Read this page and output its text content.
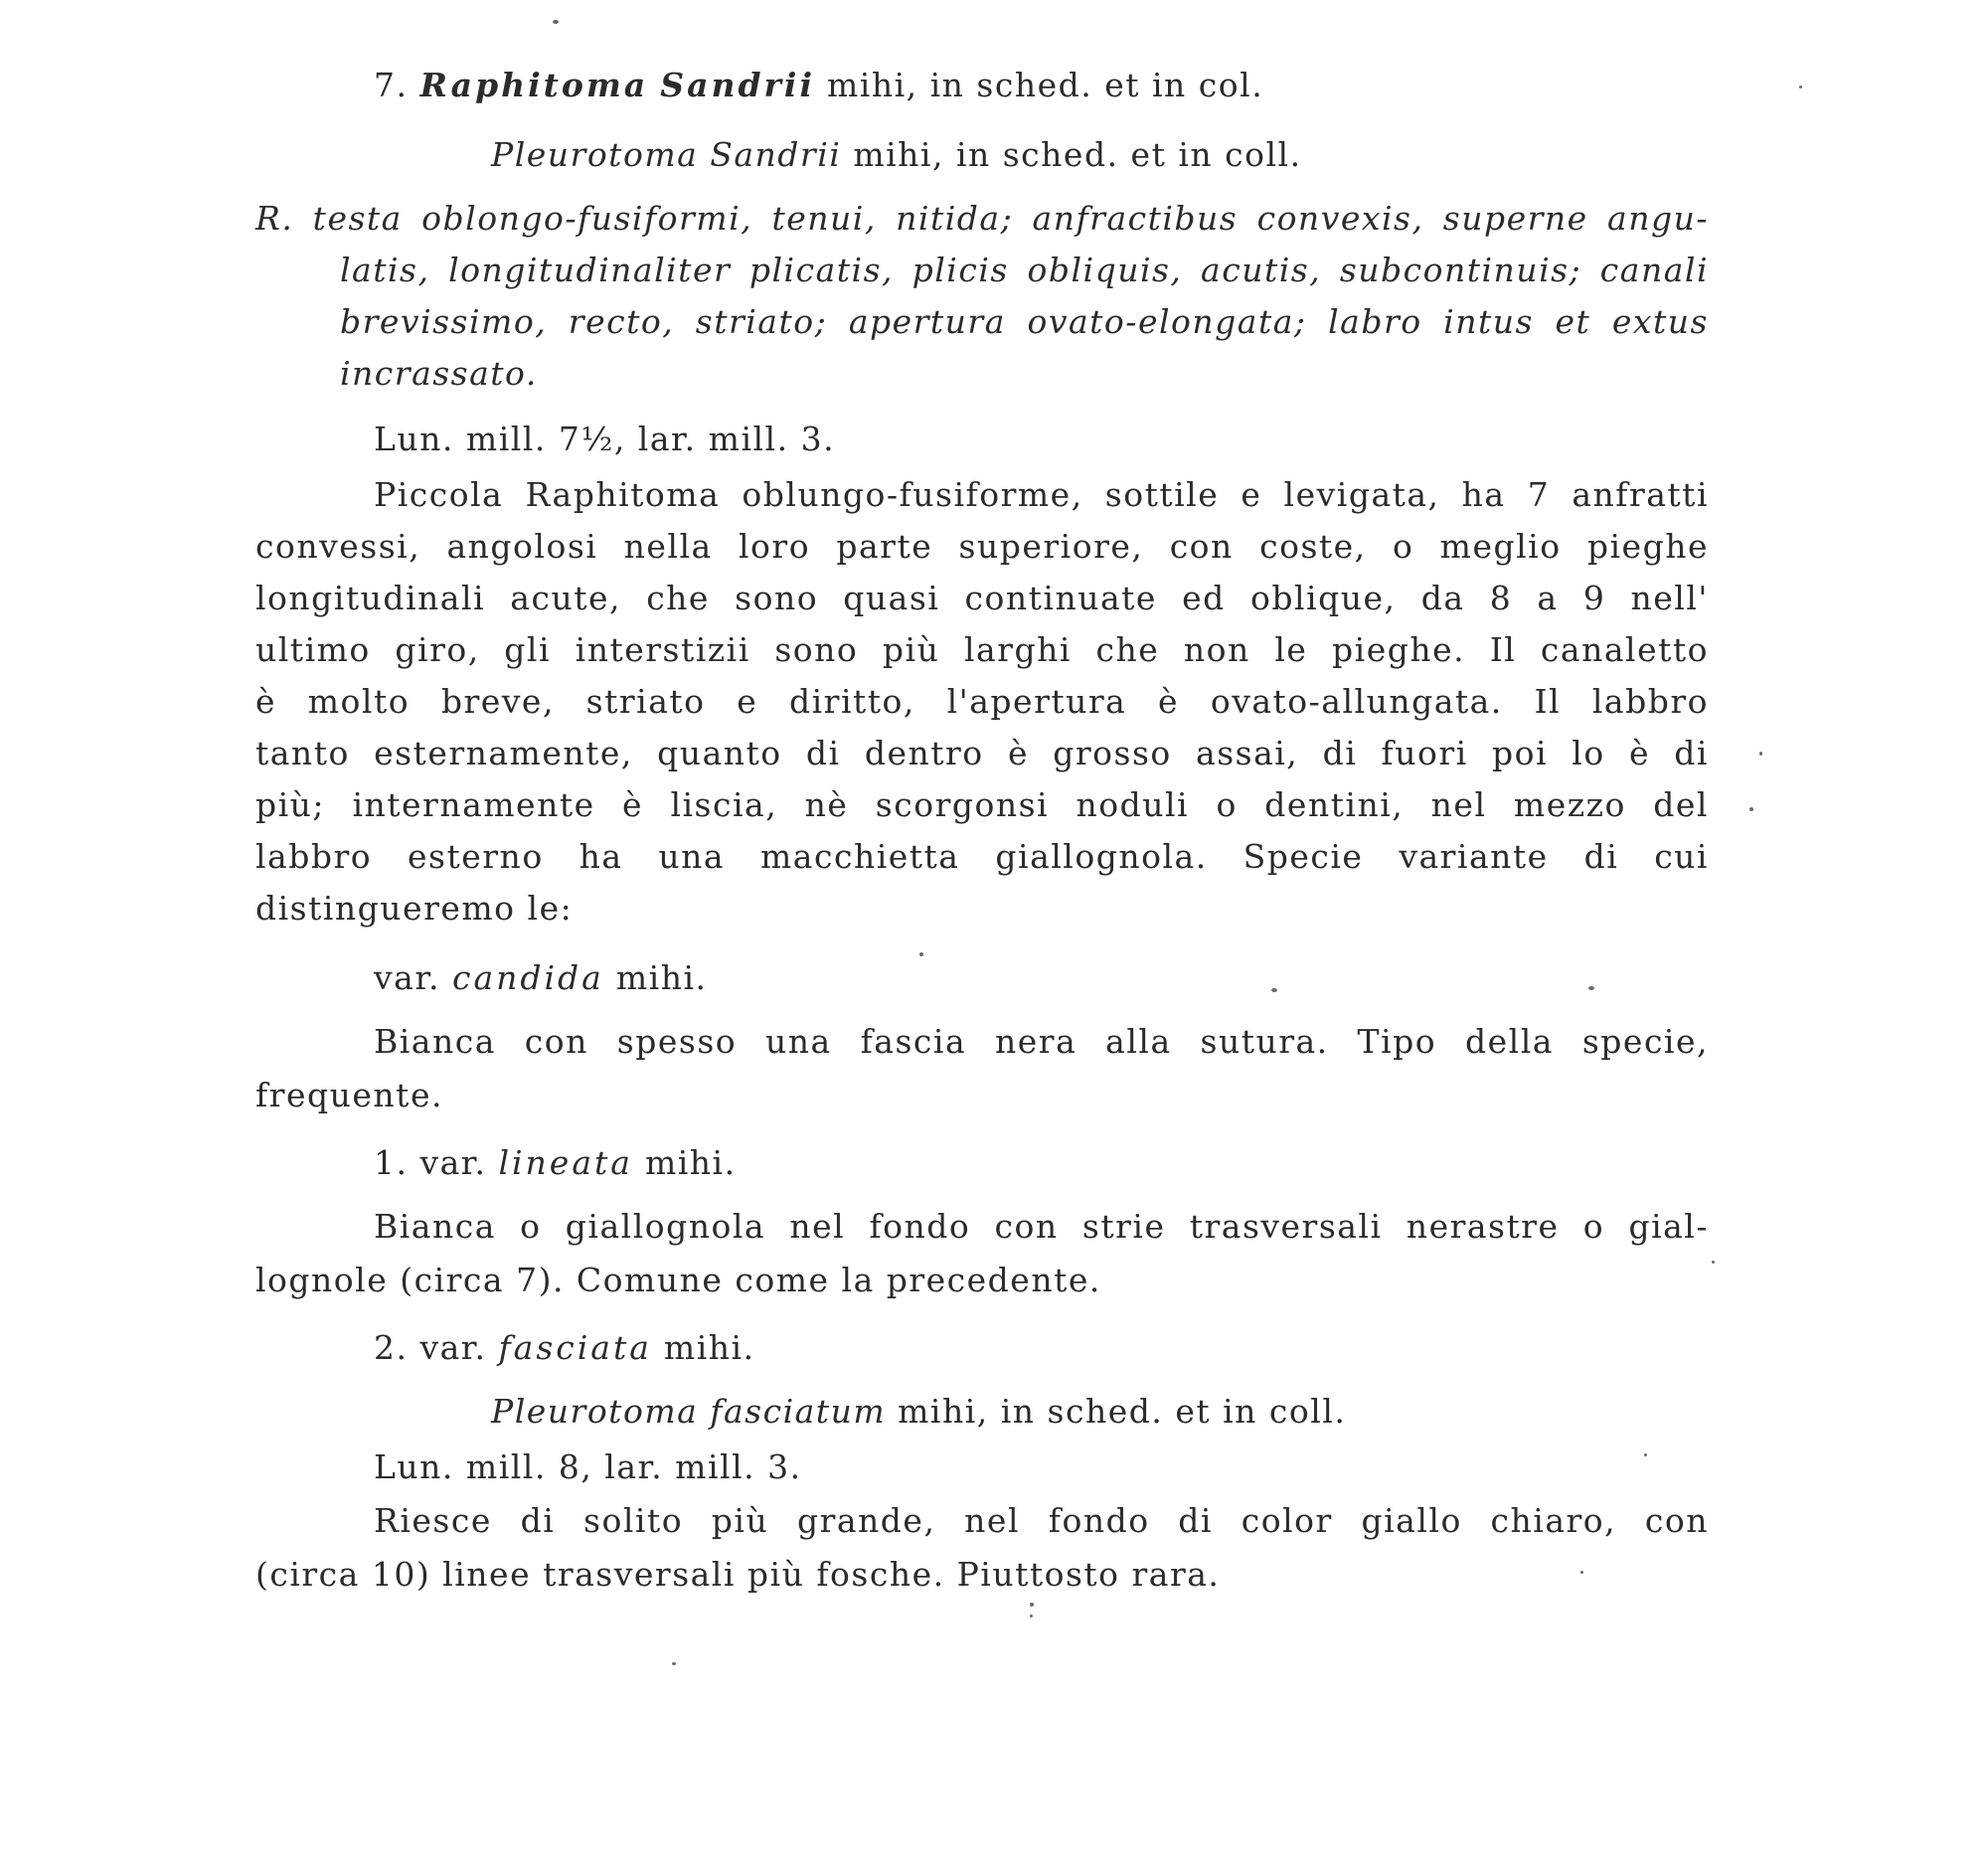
7. Raphitoma Sandrii mihi, in sched. et in col.
Pleurotoma Sandrii mihi, in sched. et in coll.
R. testa oblongo-fusiformi, tenui, nitida; anfractibus convexis, superne angu-
latis, longitudinaliter plicatis, plicis obliquis, acutis, subcontinuis; canali
brevissimo, recto, striato; apertura ovato-elongata; labro intus et extus
incrassato.
Lun. mill. 7½, lar. mill. 3.
Piccola Raphitoma oblungo-fusiforme, sottile e levigata, ha 7 anfratti
convessi, angolosi nella loro parte superiore, con coste, o meglio pieghe
longitudinali acute, che sono quasi continuate ed oblique, da 8 a 9 nell'
ultimo giro, gli interstizii sono più larghi che non le pieghe. Il canaletto
è molto breve, striato e diritto, l'apertura è ovato-allungata. Il labbro
tanto esternamente, quanto di dentro è grosso assai, di fuori poi lo è di
più; internamente è liscia, nè scorgonsi noduli o dentini, nel mezzo del
labbro esterno ha una macchietta giallognola. Specie variante di cui
distingueremo le:
var. candida mihi.
Bianca con spesso una fascia nera alla sutura. Tipo della specie,
frequente.
1. var. lineata mihi.
Bianca o giallognola nel fondo con strie trasversali nerastre o gial-
lognole (circa 7). Comune come la precedente.
2. var. fasciata mihi.
Pleurotoma fasciatum mihi, in sched. et in coll.
Lun. mill. 8, lar. mill. 3.
Riesce di solito più grande, nel fondo di color giallo chiaro, con
(circa 10) linee trasversali più fosche. Piuttosto rara.
